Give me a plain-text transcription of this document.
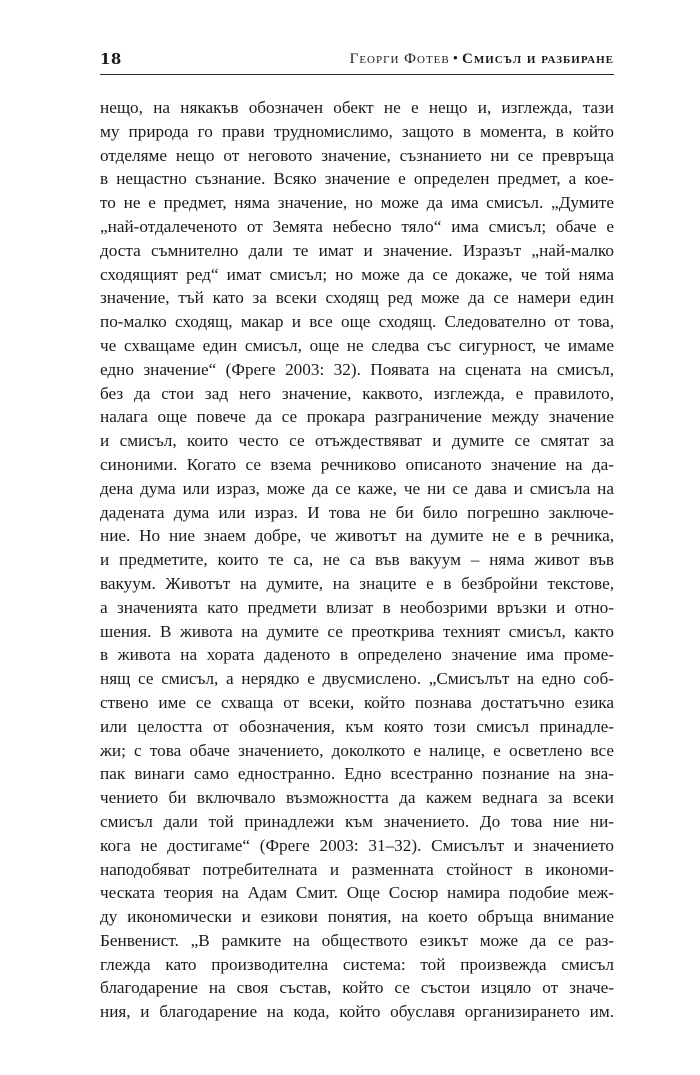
18	Георги Фотев • Смисъл и разбиране
нещо, на някакъв обозначен обект не е нещо и, изглежда, тази
му природа го прави трудномислимо, защото в момента, в който
отделяме нещо от неговото значение, съзнанието ни се превръща
в нещастно съзнание. Всяко значение е определен предмет, а кое-
то не е предмет, няма значение, но може да има смисъл. „Думите
„най-отдалеченото от Земята небесно тяло“ има смисъл; обаче е
доста съмнително дали те имат и значение. Изразът „най-малко
сходящият ред“ имат смисъл; но може да се докаже, че той няма
значение, тъй като за всеки сходящ ред може да се намери един
по-малко сходящ, макар и все още сходящ. Следователно от това,
че схващаме един смисъл, още не следва със сигурност, че имаме
едно значение“ (Фреге 2003: 32). Появата на сцената на смисъл,
без да стои зад него значение, каквото, изглежда, е правилото,
налага още повече да се прокара разграничение между значение
и смисъл, които често се отъждествяват и думите се смятат за
синоними. Когато се взема речниково описаното значение на да-
дена дума или израз, може да се каже, че ни се дава и смисъла на
дадената дума или израз. И това не би било погрешно заключе-
ние. Но ние знаем добре, че животът на думите не е в речника,
и предметите, които те са, не са във вакуум – няма живот във
вакуум. Животът на думите, на знаците е в безбройни текстове,
а значенията като предмети влизат в необозрими връзки и отно-
шения. В живота на думите се преоткрива техният смисъл, както
в живота на хората даденото в определено значение има проме-
нящ се смисъл, а нерядко е двусмислено. „Смисълът на едно соб-
ствено име се схваща от всеки, който познава достатъчно езика
или целостта от обозначения, към която този смисъл принадле-
жи; с това обаче значението, доколкото е налице, е осветлено все
пак винаги само едностранно. Едно всестранно познание на зна-
чението би включвало възможността да кажем веднага за всеки
смисъл дали той принадлежи към значението. До това ние ни-
кога не достигаме“ (Фреге 2003: 31–32). Смисълът и значението
наподобяват потребителната и разменната стойност в икономи-
ческата теория на Адам Смит. Още Сосюр намира подобие меж-
ду икономически и езикови понятия, на което обръща внимание
Бенвенист. „В рамките на обществото езикът може да се раз-
глежда като производителна система: той произвежда смисъл
благодарение на своя състав, който се състои изцяло от значе-
ния, и благодарение на кода, който обуславя организирането им.
